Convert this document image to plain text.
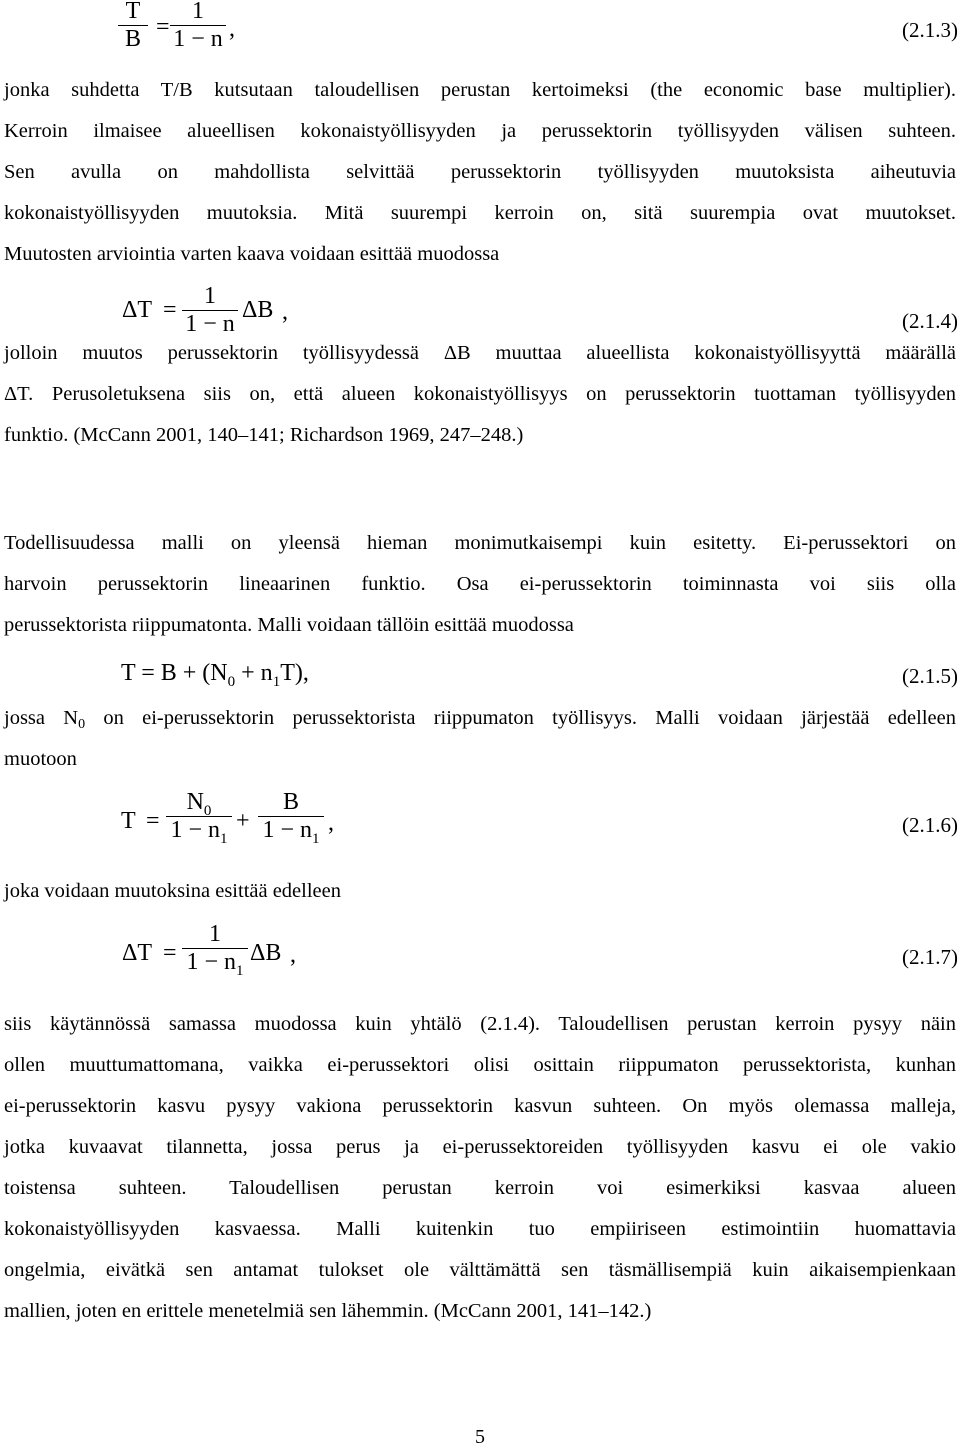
T
B =
1
1 − n ,	(2.1.3)

jonka suhdetta T/B kutsutaan taloudellisen perustan kertoimeksi (the economic base multiplier).

Kerroin ilmaisee alueellisen kokonaistyöllisyyden ja perussektorin työllisyyden välisen suhteen.

Sen avulla on mahdollista selvittää perussektorin työllisyyden muutoksista aiheutuvia

kokonaistyöllisyyden muutoksia. Mitä suurempi kerroin on, sitä suurempia ovat muutokset.

Muutosten arviointia varten kaava voidaan esittää muodossa

ΔT =
1
1 − n
ΔB ,	(2.1.4)

jolloin muutos perussektorin työllisyydessä ΔB muuttaa alueellista kokonaistyöllisyyttä määrällä

ΔT. Perusoletuksena siis on, että alueen kokonaistyöllisyys on perussektorin tuottaman työllisyyden

funktio. (McCann 2001, 140–141; Richardson 1969, 247–248.)

Todellisuudessa malli on yleensä hieman monimutkaisempi kuin esitetty. Ei-perussektori on

harvoin perussektorin lineaarinen funktio. Osa ei-perussektorin toiminnasta voi siis olla

perussektorista riippumatonta. Malli voidaan tällöin esittää muodossa

$T = B + (N_0 + n_1T)$,	(2.1.5)

jossa N0 on ei-perussektorin perussektorista riippumaton työllisyys. Malli voidaan järjestää edelleen

muotoon

T =
$N_0$
$1 - n_1$
+
B
$1 - n_1$
,	(2.1.6)

joka voidaan muutoksina esittää edelleen

ΔT =
1
$1 - n_1$
ΔB ,	(2.1.7)

siis käytännössä samassa muodossa kuin yhtälö (2.1.4). Taloudellisen perustan kerroin pysyy näin

ollen muuttumattomana, vaikka ei-perussektori olisi osittain riippumaton perussektorista, kunhan

ei-perussektorin kasvu pysyy vakiona perussektorin kasvun suhteen. On myös olemassa malleja,

jotka kuvaavat tilannetta, jossa perus ja ei-perussektoreiden työllisyyden kasvu ei ole vakio

toistensa suhteen. Taloudellisen perustan kerroin voi esimerkiksi kasvaa alueen

kokonaistyöllisyyden kasvaessa. Malli kuitenkin tuo empiiriseen estimointiin huomattavia

ongelmia, eivätkä sen antamat tulokset ole välttämättä sen täsmällisempiä kuin aikaisempienkaan

mallien, joten en erittele menetelmiä sen lähemmin. (McCann 2001, 141–142.)

5
